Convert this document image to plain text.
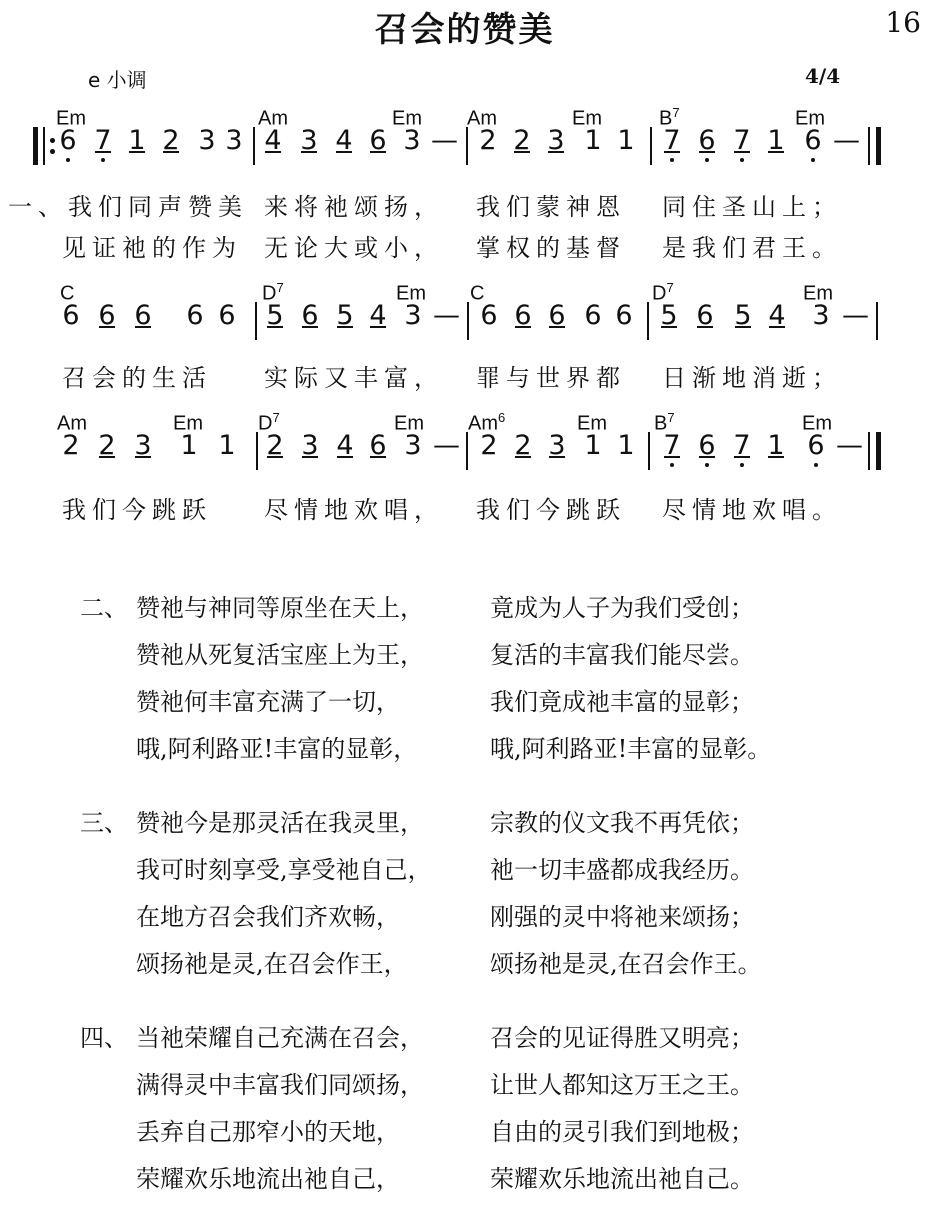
召会的赞美	16
e 小调	4/4
Em	Am	Em Am	Em	$B^7$	Em
6 7 1 2 3 3 4 3 4 6 3 — 2 2 3 1 1 7 6 7 1 6 —
一、我们同声赞美 来将祂颂扬， 我们蒙神恩 同住圣山上；
见证祂的作为 无论大或小， 掌权的基督 是我们君王。
C	$D^7$	Em C	$D^7$	Em
6 6 6 6 6 5 6 5 4 3 — 6 6 6 6 6 5 6 5 4 3 —
召会的生活 实际又丰富， 罪与世界都 日渐地消逝；
Am	Em	$D^7$	Em Am$^6$	Em $B^7$	Em
2 2 3 1 1 2 3 4 6 3 — 2 2 3 1 1 7 6 7 1 6 —
我们今跳跃 尽情地欢唱， 我们今跳跃 尽情地欢唱。
二、 赞祂与神同等原坐在天上，	竟成为人子为我们受创；
赞祂从死复活宝座上为王，	复活的丰富我们能尽尝。
赞祂何丰富充满了一切，	我们竟成祂丰富的显彰；
哦,阿利路亚!丰富的显彰，	哦,阿利路亚!丰富的显彰。
三、 赞祂今是那灵活在我灵里，	宗教的仪文我不再凭依；
我可时刻享受,享受祂自己， 祂一切丰盛都成我经历。
在地方召会我们齐欢畅，	刚强的灵中将祂来颂扬；
颂扬祂是灵,在召会作王，	颂扬祂是灵,在召会作王。
四、 当祂荣耀自己充满在召会，	召会的见证得胜又明亮；
满得灵中丰富我们同颂扬，	让世人都知这万王之王。
丢弃自己那窄小的天地，	自由的灵引我们到地极；
荣耀欢乐地流出祂自己，	荣耀欢乐地流出祂自己。
